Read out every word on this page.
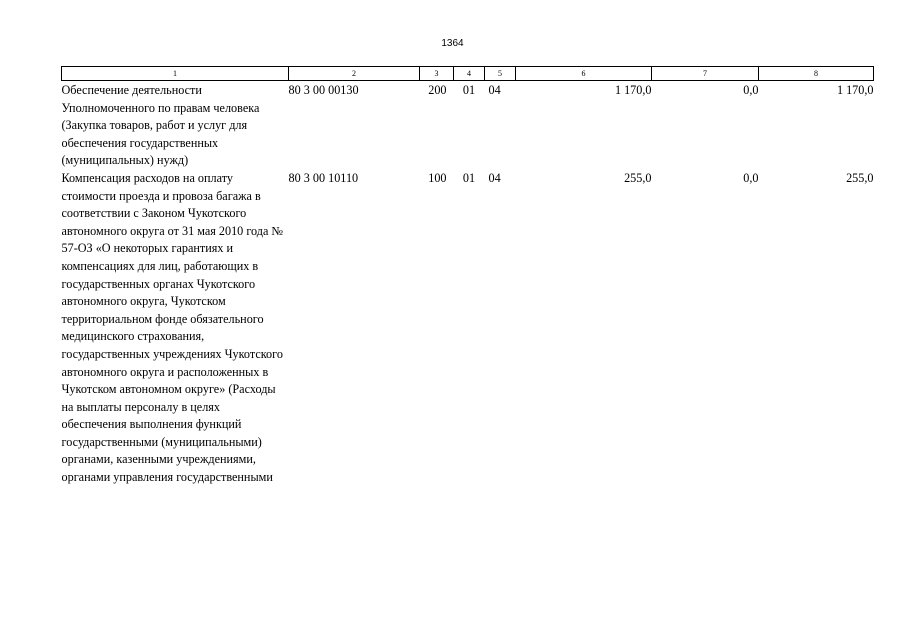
1364
1	2	3	4	5	6	7	8
Обеспечение деятельности Уполномоченного по правам человека (Закупка товаров, работ и услуг для обеспечения государственных (муниципальных) нужд)	80 3 00 00130	200	01	04	1 170,0	0,0	1 170,0
Компенсация расходов на оплату стоимости проезда и провоза багажа в соответствии с Законом Чукотского автономного округа от 31 мая 2010 года № 57-ОЗ «О некоторых гарантиях и компенсациях для лиц, работающих в государственных органах Чукотского автономного округа, Чукотском территориальном фонде обязательного медицинского страхования, государственных учреждениях Чукотского автономного округа и расположенных в Чукотском автономном округе» (Расходы на выплаты персоналу в целях обеспечения выполнения функций государственными (муниципальными) органами, казенными учреждениями, органами управления государственными	80 3 00 10110	100	01	04	255,0	0,0	255,0
